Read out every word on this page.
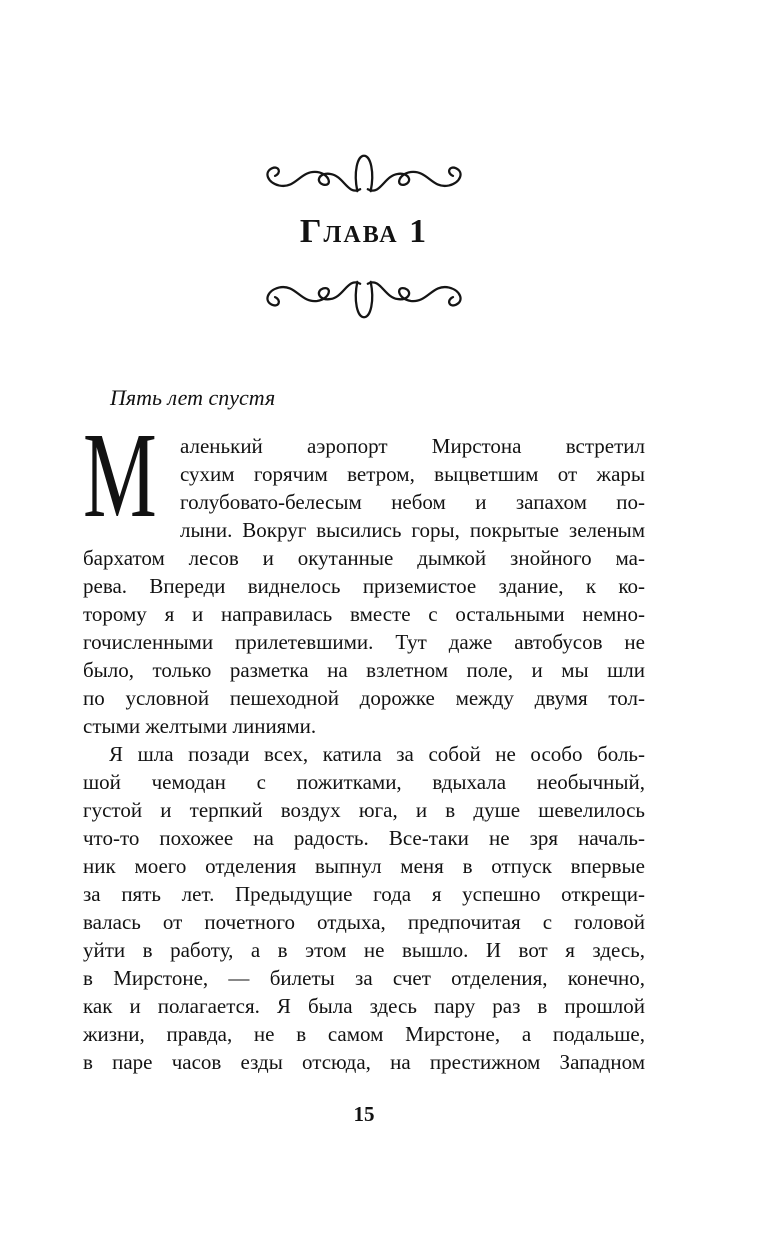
Глава 1
Пять лет спустя
М	аленький аэропорт Мирстона встретил
сухим горячим ветром, выцветшим от жары
голубовато-белесым небом и запахом по-
лыни. Вокруг высились горы, покрытые зеленым
бархатом лесов и окутанные дымкой знойного ма-
рева. Впереди виднелось приземистое здание, к ко-
торому я и направилась вместе с остальными немно-
гочисленными прилетевшими. Тут даже автобусов не
было, только разметка на взлетном поле, и мы шли
по условной пешеходной дорожке между двумя тол-
стыми желтыми линиями.
Я шла позади всех, катила за собой не особо боль-
шой чемодан с пожитками, вдыхала необычный,
густой и терпкий воздух юга, и в душе шевелилось
что-то похожее на радость. Все-таки не зря началь-
ник моего отделения выпнул меня в отпуск впервые
за пять лет. Предыдущие года я успешно открещи-
валась от почетного отдыха, предпочитая с головой
уйти в работу, а в этом не вышло. И вот я здесь,
в Мирстоне, — билеты за счет отделения, конечно,
как и полагается. Я была здесь пару раз в прошлой
жизни, правда, не в самом Мирстоне, а подальше,
в паре часов езды отсюда, на престижном Западном
15
